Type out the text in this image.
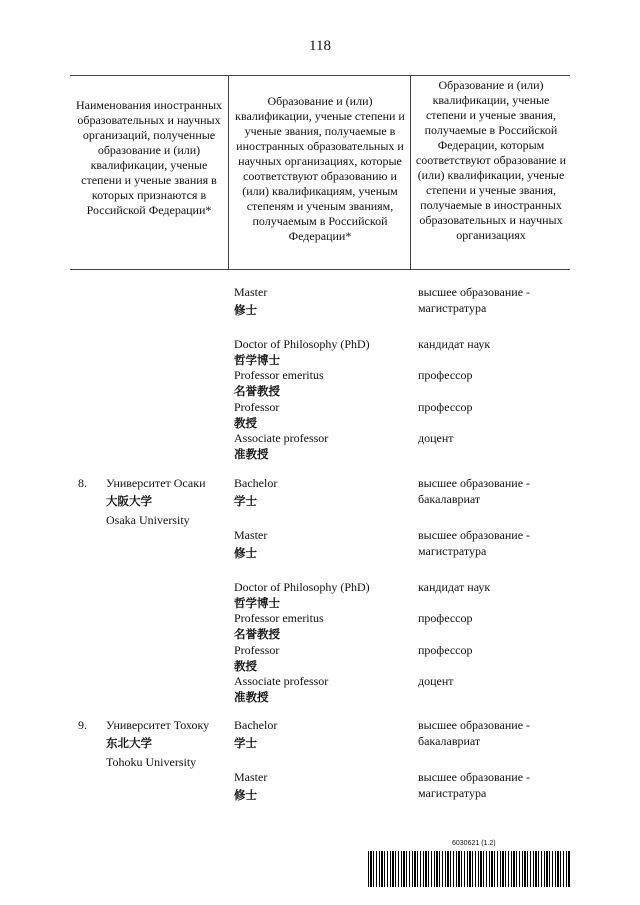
118
Наименования иностранных образовательных и научных организаций, полученные образование и (или) квалификации, ученые степени и ученые звания в которых признаются в Российской Федерации*
Образование и (или) квалификации, ученые степени и ученые звания, получаемые в иностранных образовательных и научных организациях, которые соответствуют образованию и (или) квалификациям, ученым степеням и ученым званиям, получаемым в Российской Федерации*
Образование и (или) квалификации, ученые степени и ученые звания, получаемые в Российской Федерации, которым соответствуют образование и (или) квалификации, ученые степени и ученые звания, получаемые в иностранных образовательных и научных организациях
Master
修士
высшее образование - магистратура
Doctor of Philosophy (PhD)
哲学博士
кандидат наук
Professor emeritus
名誉教授
профессор
Professor
教授
профессор
Associate professor
准教授
доцент
8. Университет Осаки
大阪大学
Osaka University
Bachelor
学士
высшее образование - бакалавриат
Master
修士
высшее образование - магистратура
Doctor of Philosophy (PhD)
哲学博士
кандидат наук
Professor emeritus
名誉教授
профессор
Professor
教授
профессор
Associate professor
准教授
доцент
9. Университет Тохоку
东北大学
Tohoku University
Bachelor
学士
высшее образование - бакалавриат
Master
修士
высшее образование - магистратура
6030621 (1.2)
